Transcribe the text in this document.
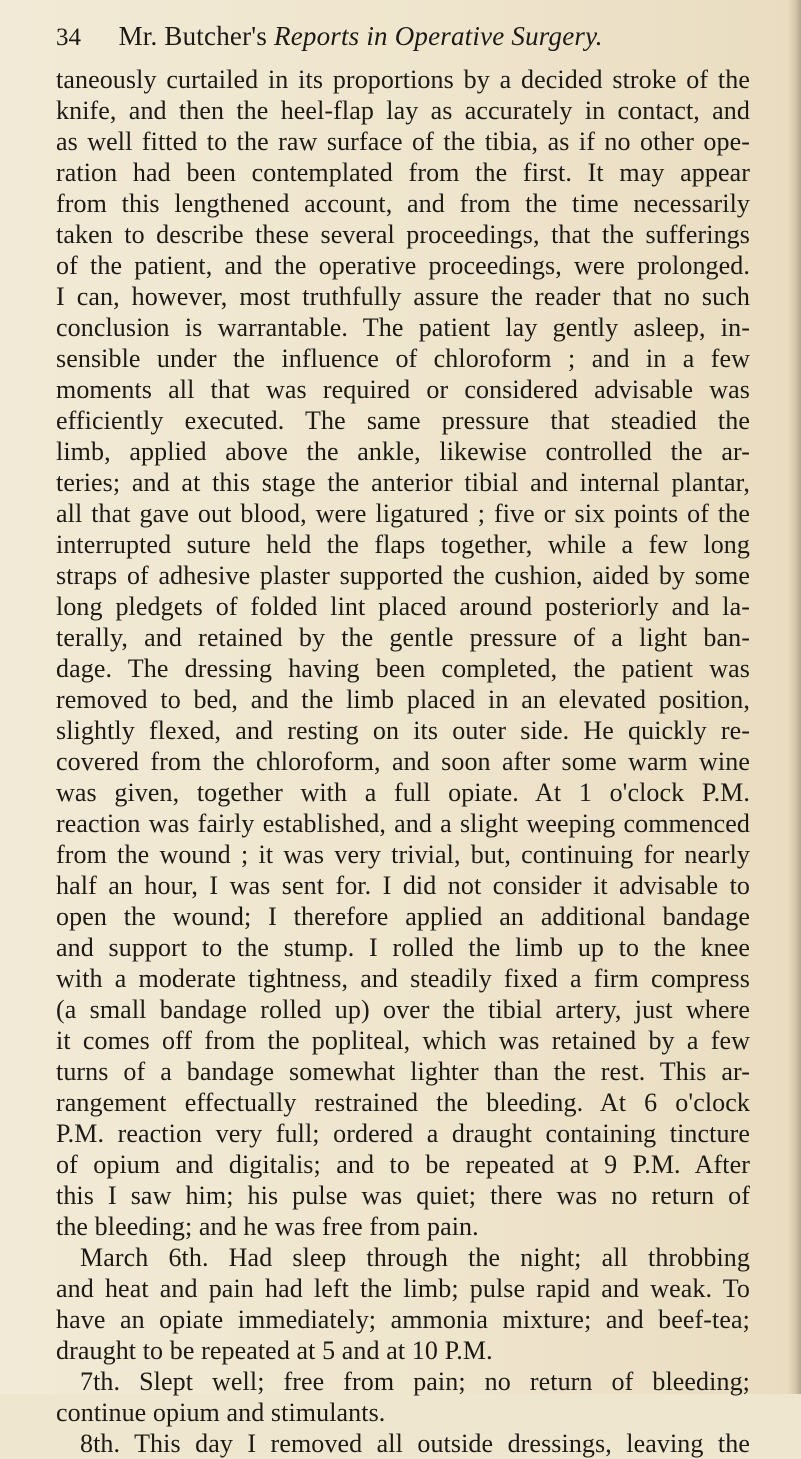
34 Mr. Butcher's Reports in Operative Surgery.
taneously curtailed in its proportions by a decided stroke of the
knife, and then the heel-flap lay as accurately in contact, and
as well fitted to the raw surface of the tibia, as if no other ope-
ration had been contemplated from the first. It may appear
from this lengthened account, and from the time necessarily
taken to describe these several proceedings, that the sufferings
of the patient, and the operative proceedings, were prolonged.
I can, however, most truthfully assure the reader that no such
conclusion is warrantable. The patient lay gently asleep, in-
sensible under the influence of chloroform ; and in a few
moments all that was required or considered advisable was
efficiently executed. The same pressure that steadied the
limb, applied above the ankle, likewise controlled the ar-
teries; and at this stage the anterior tibial and internal plantar,
all that gave out blood, were ligatured ; five or six points of the
interrupted suture held the flaps together, while a few long
straps of adhesive plaster supported the cushion, aided by some
long pledgets of folded lint placed around posteriorly and la-
terally, and retained by the gentle pressure of a light ban-
dage. The dressing having been completed, the patient was
removed to bed, and the limb placed in an elevated position,
slightly flexed, and resting on its outer side. He quickly re-
covered from the chloroform, and soon after some warm wine
was given, together with a full opiate. At 1 o'clock P.M.
reaction was fairly established, and a slight weeping commenced
from the wound ; it was very trivial, but, continuing for nearly
half an hour, I was sent for. I did not consider it advisable to
open the wound; I therefore applied an additional bandage
and support to the stump. I rolled the limb up to the knee
with a moderate tightness, and steadily fixed a firm compress
(a small bandage rolled up) over the tibial artery, just where
it comes off from the popliteal, which was retained by a few
turns of a bandage somewhat lighter than the rest. This ar-
rangement effectually restrained the bleeding. At 6 o'clock
P.M. reaction very full; ordered a draught containing tincture
of opium and digitalis; and to be repeated at 9 P.M. After
this I saw him; his pulse was quiet; there was no return of
the bleeding; and he was free from pain.
March 6th. Had sleep through the night; all throbbing
and heat and pain had left the limb; pulse rapid and weak. To
have an opiate immediately; ammonia mixture; and beef-tea;
draught to be repeated at 5 and at 10 P.M.
7th. Slept well; free from pain; no return of bleeding;
continue opium and stimulants.
8th. This day I removed all outside dressings, leaving the
